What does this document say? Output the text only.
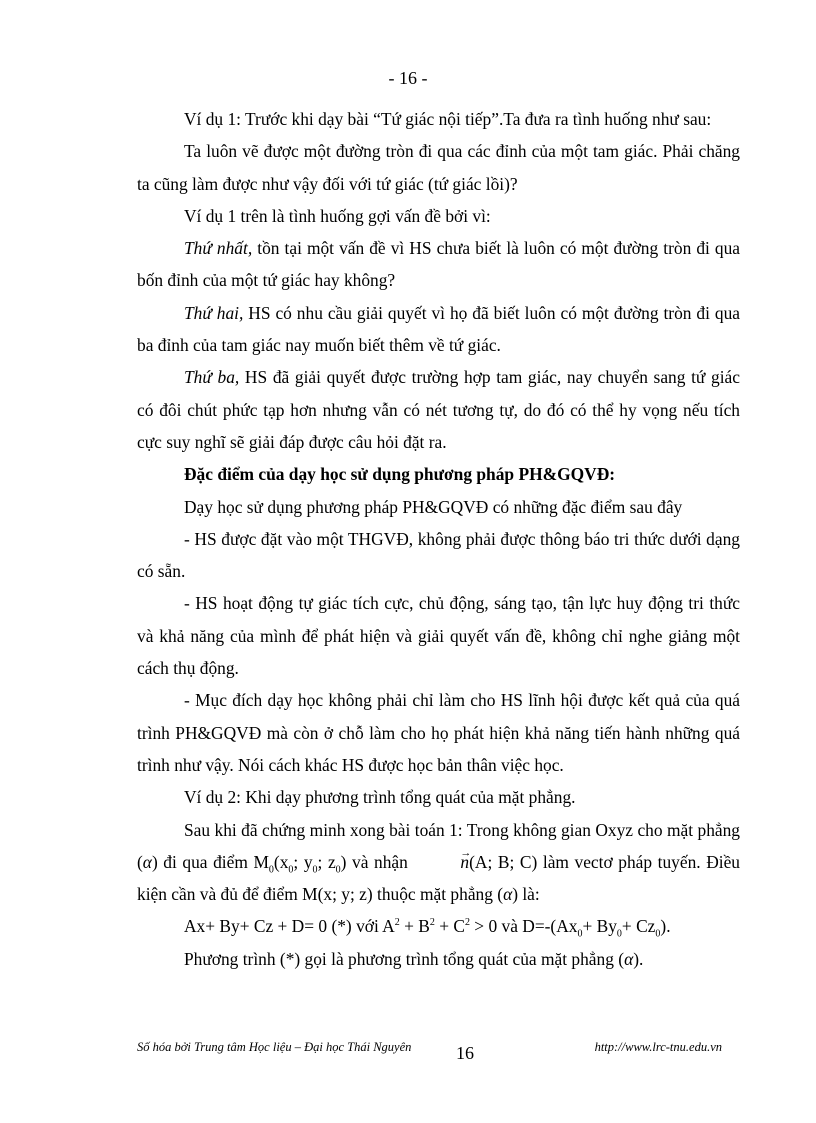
- 16 -

Ví dụ 1: Trước khi dạy bài “Tứ giác nội tiếp”.Ta đưa ra tình huống như sau:

Ta luôn vẽ được một đường tròn đi qua các đỉnh của một tam giác. Phải chăng ta cũng làm được như vậy đối với tứ giác (tứ giác lồi)?

Ví dụ 1 trên là tình huống gợi vấn đề bởi vì:

Thứ nhất, tồn tại một vấn đề vì HS chưa biết là luôn có một đường tròn đi qua bốn đỉnh của một tứ giác hay không?

Thứ hai, HS có nhu cầu giải quyết vì họ đã biết luôn có một đường tròn đi qua ba đỉnh của tam giác nay muốn biết thêm về tứ giác.

Thứ ba, HS đã giải quyết được trường hợp tam giác, nay chuyển sang tứ giác có đôi chút phức tạp hơn nhưng vẫn có nét tương tự, do đó có thể hy vọng nếu tích cực suy nghĩ sẽ giải đáp được câu hỏi đặt ra.

Đặc điểm của dạy học sử dụng phương pháp PH&GQVĐ:

Dạy học sử dụng phương pháp PH&GQVĐ có những đặc điểm sau đây

- HS được đặt vào một THGVĐ, không phải được thông báo tri thức dưới dạng có sẵn.

- HS hoạt động tự giác tích cực, chủ động, sáng tạo, tận lực huy động tri thức và khả năng của mình để phát hiện và giải quyết vấn đề, không chỉ nghe giảng một cách thụ động.

- Mục đích dạy học không phải chỉ làm cho HS lĩnh hội được kết quả của quá trình PH&GQVĐ mà còn ở chỗ làm cho họ phát hiện khả năng tiến hành những quá trình như vậy. Nói cách khác HS được học bản thân việc học.

Ví dụ 2: Khi dạy phương trình tổng quát của mặt phẳng.

Sau khi đã chứng minh xong bài toán 1: Trong không gian Oxyz cho mặt phẳng (α) đi qua điểm $M_0(x_0$; $y_0$; $z_0$) và nhận →	n(A; B; C) làm vectơ pháp tuyến. Điều kiện cần và đủ để điểm M(x; y; z) thuộc mặt phẳng (α) là:

Ax+ By+ Cz + D= 0 (*) với $A^2 + B^2 + C^2 > 0$ và $D=-(Ax_0+ By_0+ Cz_0)$.

Phương trình (*) gọi là phương trình tổng quát của mặt phẳng (α).

Số hóa bởi Trung tâm Học liệu – Đại học Thái Nguyên 16	http://www.lrc-tnu.edu.vn
